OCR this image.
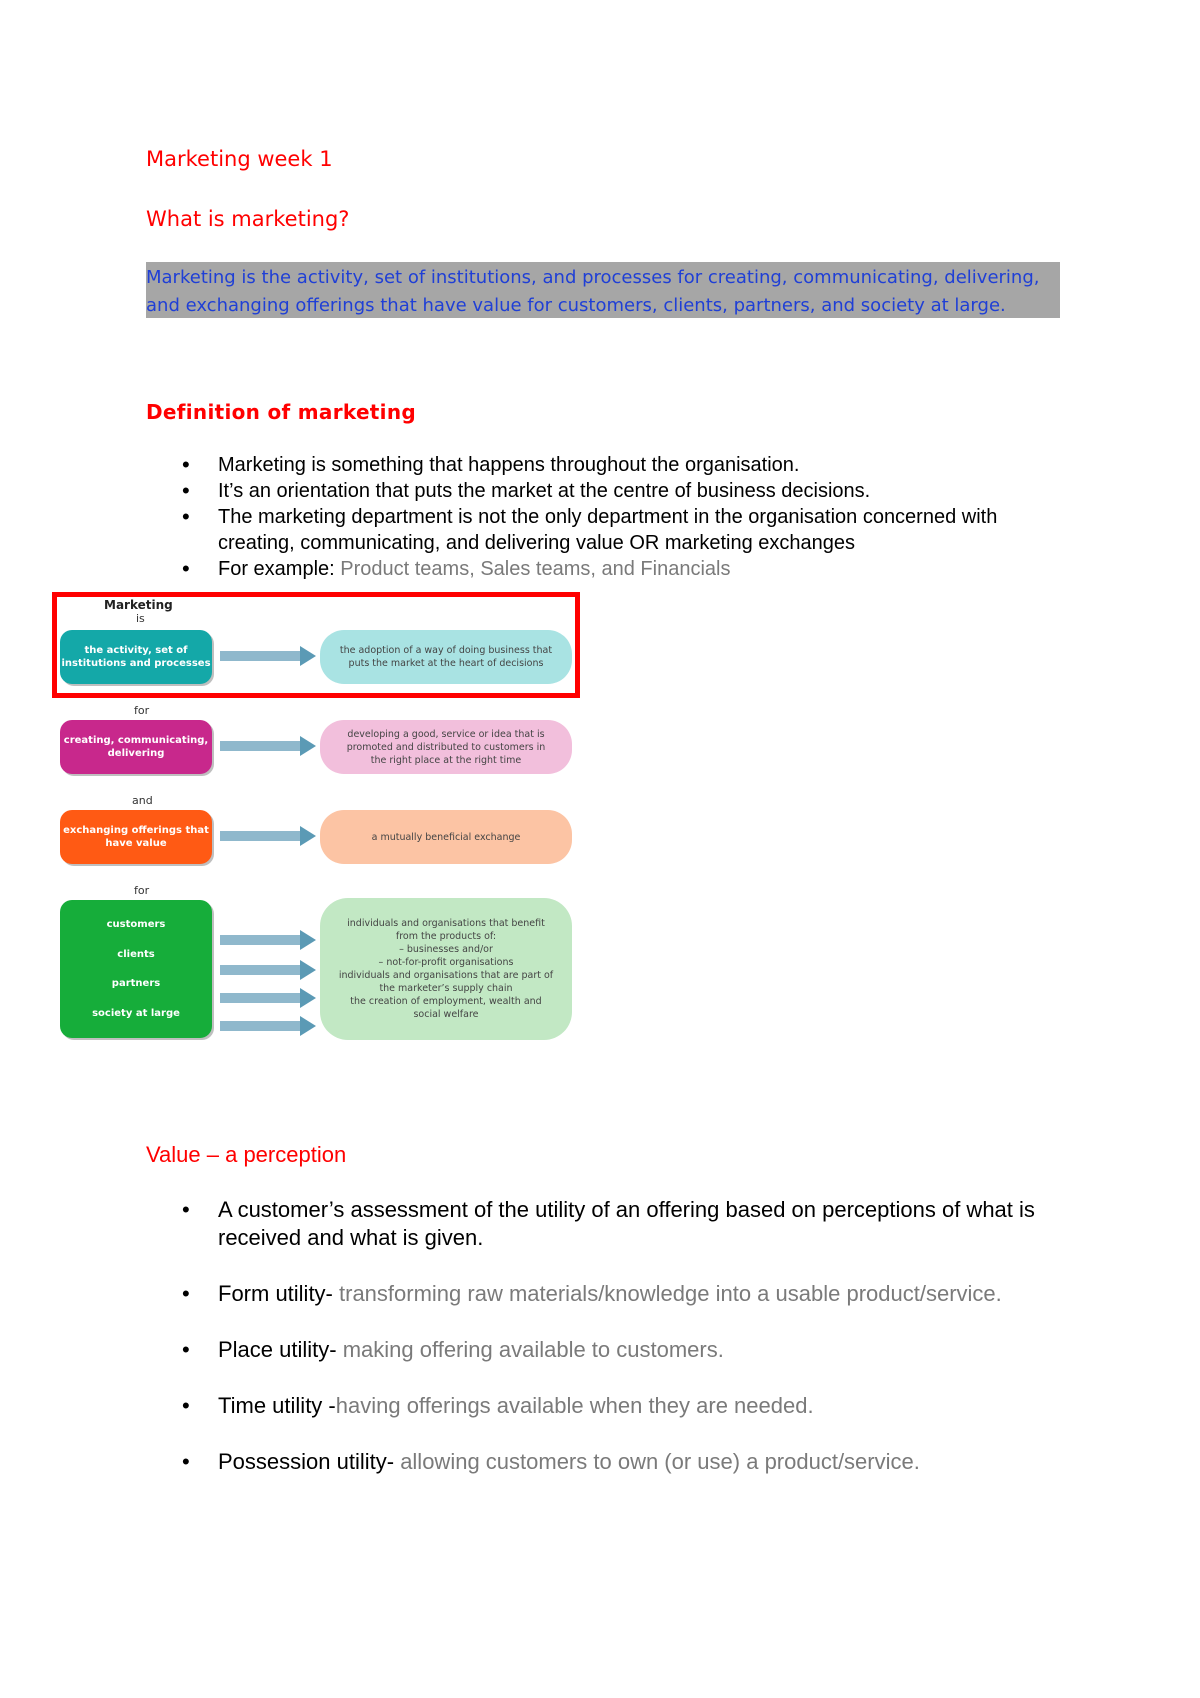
Marketing week 1
What is marketing?
Marketing is the activity, set of institutions, and processes for creating, communicating, delivering, and exchanging offerings that have value for customers, clients, partners, and society at large.
Definition of marketing
• Marketing is something that happens throughout the organisation.
• It’s an orientation that puts the market at the centre of business decisions.
• The marketing department is not the only department in the organisation concerned with creating, communicating, and delivering value OR marketing exchanges
• For example: Product teams, Sales teams, and Financials
Marketing
is
the activity, set of institutions and processes
the adoption of a way of doing business that
puts the market at the heart of decisions
for
creating, communicating, delivering
developing a good, service or idea that is
promoted and distributed to customers in
the right place at the right time
and
exchanging offerings that have value
a mutually beneficial exchange
for
customers
clients
partners
society at large
individuals and organisations that benefit
from the products of:
– businesses and/or
– not-for-profit organisations
individuals and organisations that are part of
the marketer’s supply chain
the creation of employment, wealth and
social welfare
Value – a perception
• A customer’s assessment of the utility of an offering based on perceptions of what is received and what is given.
• Form utility- transforming raw materials/knowledge into a usable product/service.
• Place utility- making offering available to customers.
• Time utility -having offerings available when they are needed.
• Possession utility- allowing customers to own (or use) a product/service.
